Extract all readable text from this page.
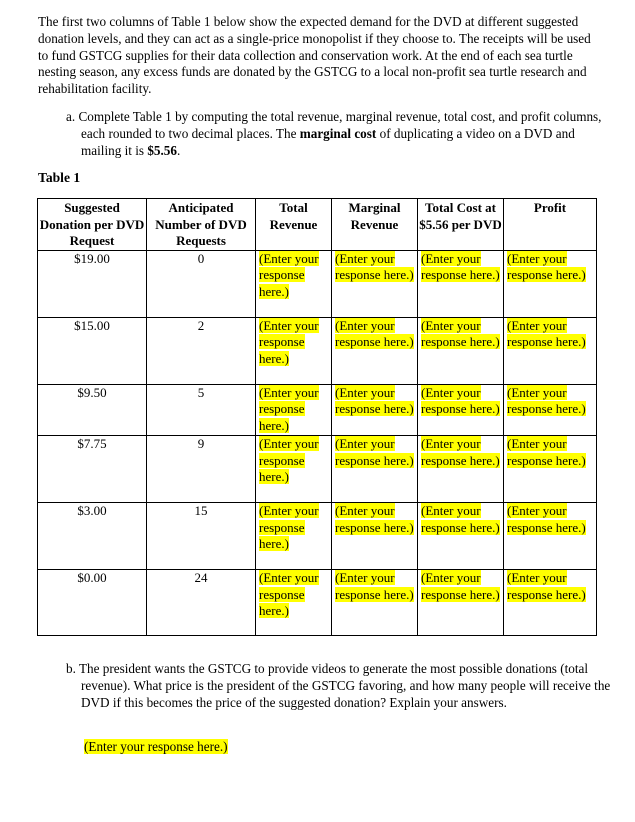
The first two columns of Table 1 below show the expected demand for the DVD at different suggested donation levels, and they can act as a single-price monopolist if they choose to. The receipts will be used to fund GSTCG supplies for their data collection and conservation work. At the end of each sea turtle nesting season, any excess funds are donated by the GSTCG to a local non-profit sea turtle research and rehabilitation facility.

a. Complete Table 1 by computing the total revenue, marginal revenue, total cost, and profit columns, each rounded to two decimal places. The marginal cost of duplicating a video on a DVD and mailing it is $5.56.

Table 1

Suggested Donation per DVD Request	Anticipated Number of DVD Requests	Total Revenue	Marginal Revenue	Total Cost at $5.56 per DVD	Profit
$19.00	0	(Enter your response here.)	(Enter your response here.)	(Enter your response here.)	(Enter your response here.)
$15.00	2	(Enter your response here.)	(Enter your response here.)	(Enter your response here.)	(Enter your response here.)
$9.50	5	(Enter your response here.)	(Enter your response here.)	(Enter your response here.)	(Enter your response here.)
$7.75	9	(Enter your response here.)	(Enter your response here.)	(Enter your response here.)	(Enter your response here.)
$3.00	15	(Enter your response here.)	(Enter your response here.)	(Enter your response here.)	(Enter your response here.)
$0.00	24	(Enter your response here.)	(Enter your response here.)	(Enter your response here.)	(Enter your response here.)

b. The president wants the GSTCG to provide videos to generate the most possible donations (total revenue). What price is the president of the GSTCG favoring, and how many people will receive the DVD if this becomes the price of the suggested donation? Explain your answers.

(Enter your response here.)
